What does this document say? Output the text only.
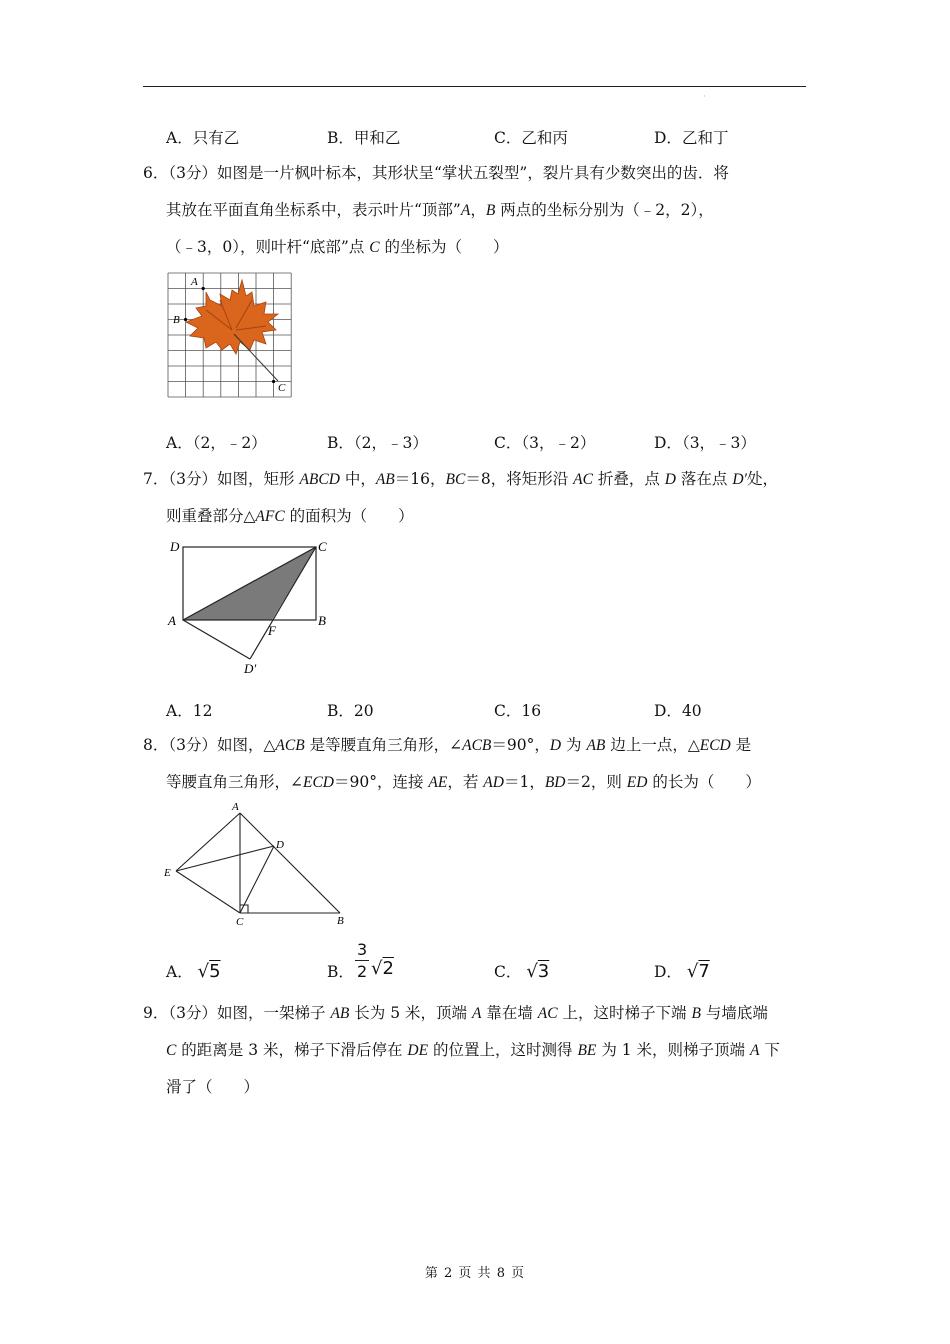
·
A．只有乙	B．甲和乙	C．乙和丙	D．乙和丁
6．（3分）如图是一片枫叶标本，其形状呈“掌状五裂型”，裂片具有少数突出的齿．将
其放在平面直角坐标系中，表示叶片“顶部”A，B 两点的坐标分别为（﹣2，2），
（﹣3，0），则叶杆“底部”点 C 的坐标为（　　）
A
B
C
A．（2，﹣2）	B．（2，﹣3）	C．（3，﹣2）	D．（3，﹣3）
7．（3分）如图，矩形 ABCD 中，AB＝16，BC＝8，将矩形沿 AC 折叠，点 D 落在点 D′处，
则重叠部分△AFC 的面积为（　　）
D	C
A	B
F
D′
A．12	B．20	C．16	D．40
8．（3分）如图，△ACB 是等腰直角三角形，∠ACB＝90°，D 为 AB 边上一点，△ECD 是
等腰直角三角形，∠ECD＝90°，连接 AE，若 AD＝1，BD＝2，则 ED 的长为（　　）
A
D
E
C	B
A． √5	B．
3
2 √2	C． √3	D． √7
9．（3分）如图，一架梯子 AB 长为 5 米，顶端 A 靠在墙 AC 上，这时梯子下端 B 与墙底端
C 的距离是 3 米，梯子下滑后停在 DE 的位置上，这时测得 BE 为 1 米，则梯子顶端 A 下
滑了（　　）
第 2 页 共 8 页
